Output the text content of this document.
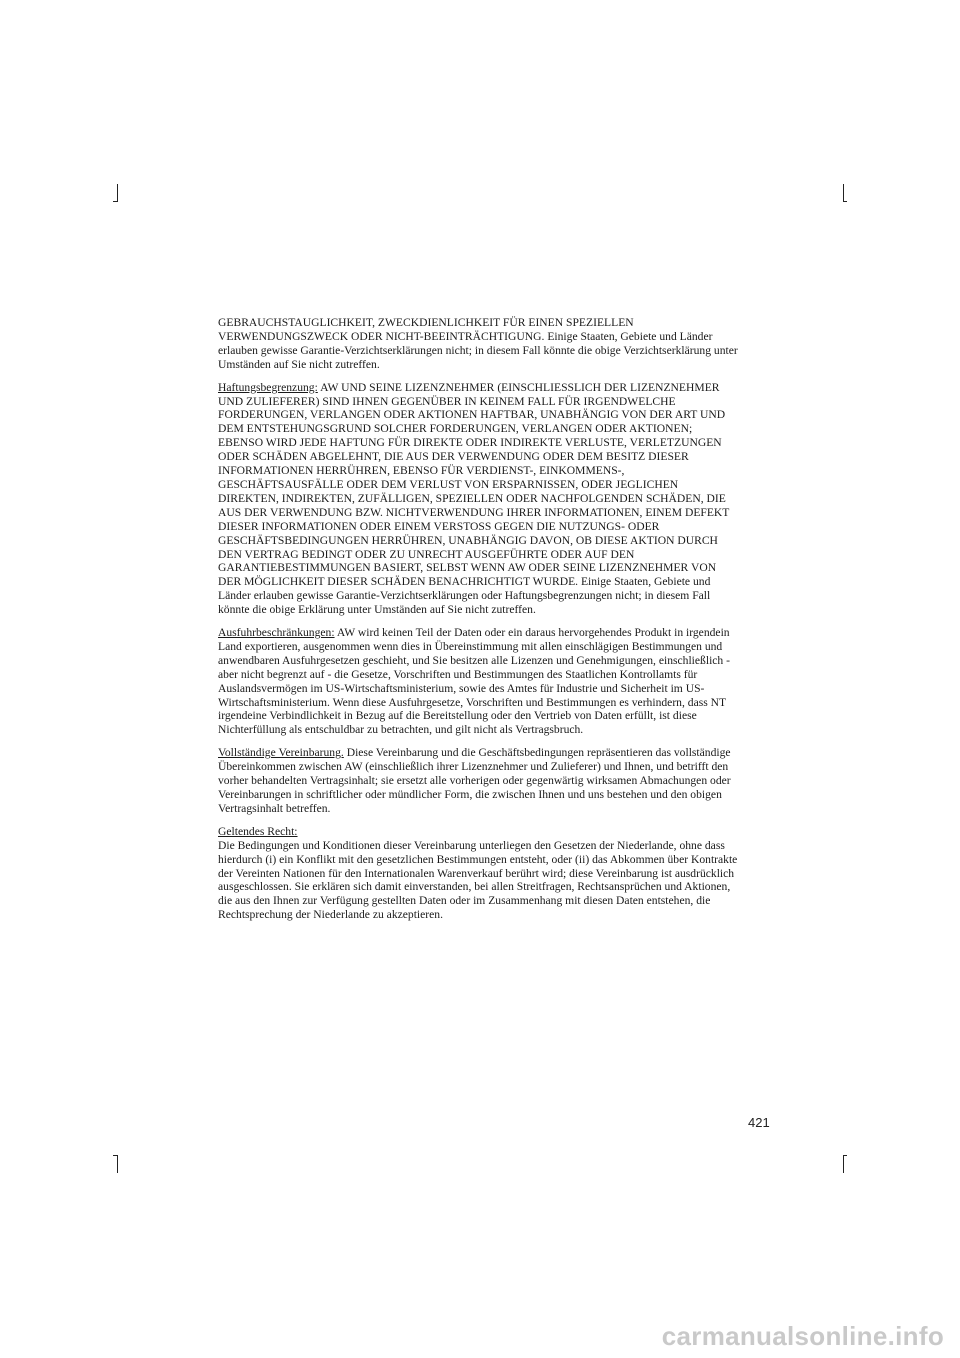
GEBRAUCHSTAUGLICHKEIT, ZWECKDIENLICHKEIT FÜR EINEN SPEZIELLEN VERWENDUNGSZWECK ODER NICHT-BEEINTRÄCHTIGUNG. Einige Staaten, Gebiete und Länder erlauben gewisse Garantie-Verzichtserklärungen nicht; in diesem Fall könnte die obige Verzichtserklärung unter Umständen auf Sie nicht zutreffen.

Haftungsbegrenzung: AW UND SEINE LIZENZNEHMER (EINSCHLIESSLICH DER LIZENZNEHMER UND ZULIEFERER) SIND IHNEN GEGENÜBER IN KEINEM FALL FÜR IRGENDWELCHE FORDERUNGEN, VERLANGEN ODER AKTIONEN HAFTBAR, UNABHÄNGIG VON DER ART UND DEM ENTSTEHUNGSGRUND SOLCHER FORDERUNGEN, VERLANGEN ODER AKTIONEN; EBENSO WIRD JEDE HAFTUNG FÜR DIREKTE ODER INDIREKTE VERLUSTE, VERLETZUNGEN ODER SCHÄDEN ABGELEHNT, DIE AUS DER VERWENDUNG ODER DEM BESITZ DIESER INFORMATIONEN HERRÜHREN, EBENSO FÜR VERDIENST-, EINKOMMENS-, GESCHÄFTSAUSFÄLLE ODER DEM VERLUST VON ERSPARNISSEN, ODER JEGLICHEN DIREKTEN, INDIREKTEN, ZUFÄLLIGEN, SPEZIELLEN ODER NACHFOLGENDEN SCHÄDEN, DIE AUS DER VERWENDUNG BZW. NICHTVERWENDUNG IHRER INFORMATIONEN, EINEM DEFEKT DIESER INFORMATIONEN ODER EINEM VERSTOSS GEGEN DIE NUTZUNGS- ODER GESCHÄFTSBEDINGUNGEN HERRÜHREN, UNABHÄNGIG DAVON, OB DIESE AKTION DURCH DEN VERTRAG BEDINGT ODER ZU UNRECHT AUSGEFÜHRTE ODER AUF DEN GARANTIEBESTIMMUNGEN BASIERT, SELBST WENN AW ODER SEINE LIZENZNEHMER VON DER MÖGLICHKEIT DIESER SCHÄDEN BENACHRICHTIGT WURDE. Einige Staaten, Gebiete und Länder erlauben gewisse Garantie-Verzichtserklärungen oder Haftungsbegrenzungen nicht; in diesem Fall könnte die obige Erklärung unter Umständen auf Sie nicht zutreffen.

Ausfuhrbeschränkungen: AW wird keinen Teil der Daten oder ein daraus hervorgehendes Produkt in irgendein Land exportieren, ausgenommen wenn dies in Übereinstimmung mit allen einschlägigen Bestimmungen und anwendbaren Ausfuhrgesetzen geschieht, und Sie besitzen alle Lizenzen und Genehmigungen, einschließlich - aber nicht begrenzt auf - die Gesetze, Vorschriften und Bestimmungen des Staatlichen Kontrollamts für Auslandsvermögen im US-Wirtschaftsministerium, sowie des Amtes für Industrie und Sicherheit im US-Wirtschaftsministerium. Wenn diese Ausfuhrgesetze, Vorschriften und Bestimmungen es verhindern, dass NT irgendeine Verbindlichkeit in Bezug auf die Bereitstellung oder den Vertrieb von Daten erfüllt, ist diese Nichterfüllung als entschuldbar zu betrachten, und gilt nicht als Vertragsbruch.

Vollständige Vereinbarung. Diese Vereinbarung und die Geschäftsbedingungen repräsentieren das vollständige Übereinkommen zwischen AW (einschließlich ihrer Lizenznehmer und Zulieferer) und Ihnen, und betrifft den vorher behandelten Vertragsinhalt; sie ersetzt alle vorherigen oder gegenwärtig wirksamen Abmachungen oder Vereinbarungen in schriftlicher oder mündlicher Form, die zwischen Ihnen und uns bestehen und den obigen Vertragsinhalt betreffen.

Geltendes Recht:
Die Bedingungen und Konditionen dieser Vereinbarung unterliegen den Gesetzen der Niederlande, ohne dass hierdurch (i) ein Konflikt mit den gesetzlichen Bestimmungen entsteht, oder (ii) das Abkommen über Kontrakte der Vereinten Nationen für den Internationalen Warenverkauf berührt wird; diese Vereinbarung ist ausdrücklich ausgeschlossen. Sie erklären sich damit einverstanden, bei allen Streitfragen, Rechtsansprüchen und Aktionen, die aus den Ihnen zur Verfügung gestellten Daten oder im Zusammenhang mit diesen Daten entstehen, die Rechtsprechung der Niederlande zu akzeptieren.

421
carmanualsonline.info
